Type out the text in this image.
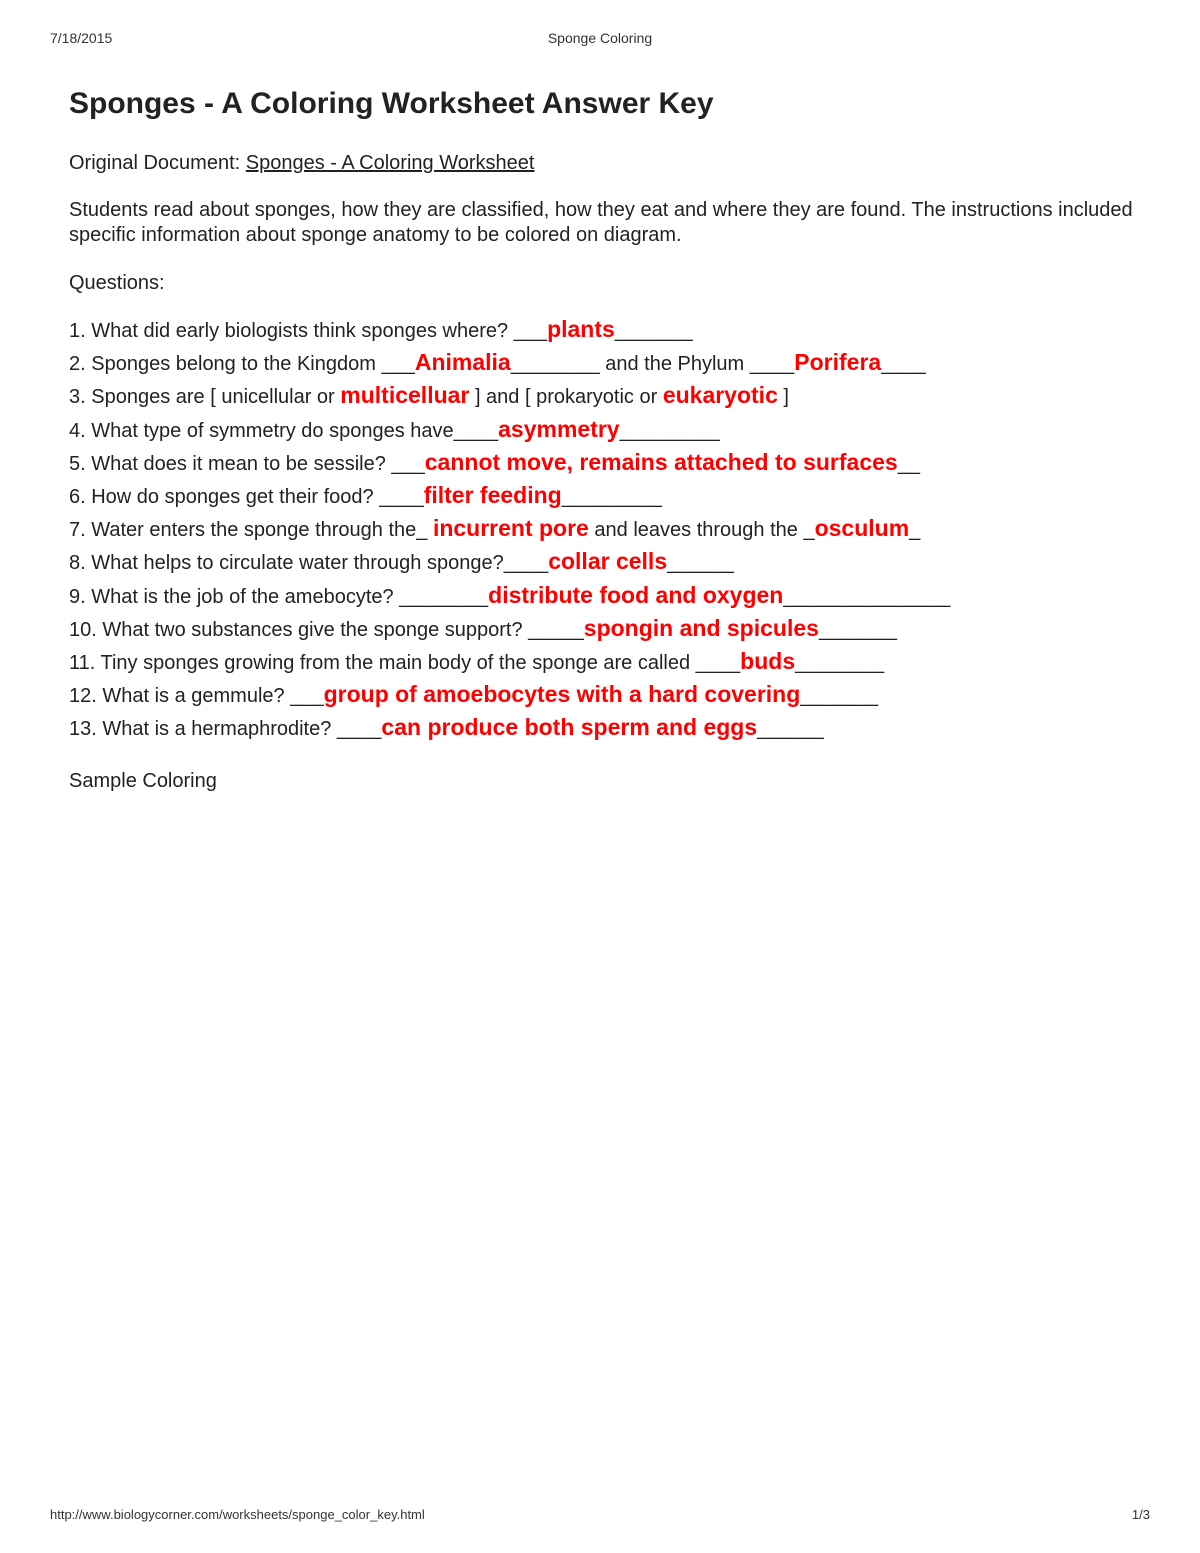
7/18/2015	Sponge Coloring
Sponges - A Coloring Worksheet Answer Key
Original Document: Sponges - A Coloring Worksheet
Students read about sponges, how they are classified, how they eat and where they are found. The instructions included specific information about sponge anatomy to be colored on diagram.
Questions:
1. What did early biologists think sponges where? ___plants_______
2. Sponges belong to the Kingdom ___Animalia________ and the Phylum ____Porifera____
3. Sponges are [ unicellular or multicelluar ] and [ prokaryotic or eukaryotic ]
4. What type of symmetry do sponges have____asymmetry_________
5. What does it mean to be sessile? ___cannot move, remains attached to surfaces__
6. How do sponges get their food? ____filter feeding_________
7. Water enters the sponge through the_ incurrent pore and leaves through the _osculum_
8. What helps to circulate water through sponge?____collar cells______
9. What is the job of the amebocyte? ________distribute food and oxygen_______________
10. What two substances give the sponge support? _____spongin and spicules_______
11. Tiny sponges growing from the main body of the sponge are called ____buds________
12. What is a gemmule? ___group of amoebocytes with a hard covering_______
13. What is a hermaphrodite? ____can produce both sperm and eggs______
Sample Coloring
http://www.biologycorner.com/worksheets/sponge_color_key.html	1/3
